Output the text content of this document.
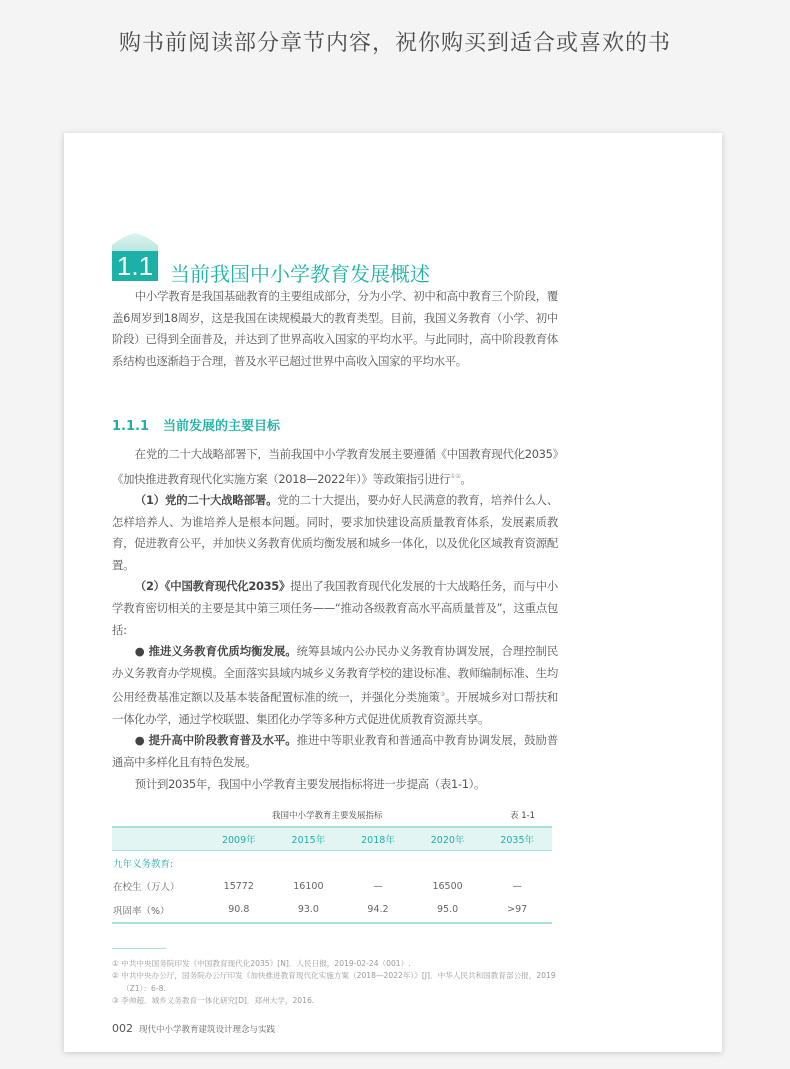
购书前阅读部分章节内容，祝你购买到适合或喜欢的书
1.1 当前我国中小学教育发展概述

中小学教育是我国基础教育的主要组成部分，分为小学、初中和高中教育三个阶段，覆盖6周岁到18周岁，这是我国在读规模最大的教育类型。目前，我国义务教育（小学、初中阶段）已得到全面普及，并达到了世界高收入国家的平均水平。与此同时，高中阶段教育体系结构也逐渐趋于合理，普及水平已超过世界中高收入国家的平均水平。

1.1.1 当前发展的主要目标

在党的二十大战略部署下，当前我国中小学教育发展主要遵循《中国教育现代化2035》《加快推进教育现代化实施方案（2018—2022年）》等政策指引进行①②。

（1）党的二十大战略部署。党的二十大提出，要办好人民满意的教育，培养什么人、怎样培养人、为谁培养人是根本问题。同时，要求加快建设高质量教育体系，发展素质教育，促进教育公平，并加快义务教育优质均衡发展和城乡一体化，以及优化区域教育资源配置。

（2）《中国教育现代化2035》提出了我国教育现代化发展的十大战略任务，而与中小学教育密切相关的主要是其中第三项任务——“推动各级教育高水平高质量普及”，这重点包括:

● 推进义务教育优质均衡发展。统筹县域内公办民办义务教育协调发展，合理控制民办义务教育办学规模。全面落实县域内城乡义务教育学校的建设标准、教师编制标准、生均公用经费基准定额以及基本装备配置标准的统一，并强化分类施策③。开展城乡对口帮扶和一体化办学，通过学校联盟、集团化办学等多种方式促进优质教育资源共享。

● 提升高中阶段教育普及水平。推进中等职业教育和普通高中教育协调发展，鼓励普通高中多样化且有特色发展。

预计到2035年，我国中小学教育主要发展指标将进一步提高（表1-1）。

我国中小学教育主要发展指标	表 1-1
	2009年	2015年	2018年	2020年	2035年
九年义务教育:					
在校生（万人）	15772	16100	—	16500	—
巩固率（%）	90.8	93.0	94.2	95.0	>97
① 中共中央国务院印发《中国教育现代化2035》[N]．人民日报，2019-02-24（001）.
② 中共中央办公厅，国务院办公厅印发《加快推进教育现代化实施方案（2018—2022年）》[J]．中华人民共和国教育部公报，2019（Z1）：6-8.
③ 李帅超．城乡义务教育一体化研究[D]．郑州大学，2016.
002 现代中小学教育建筑设计理念与实践
